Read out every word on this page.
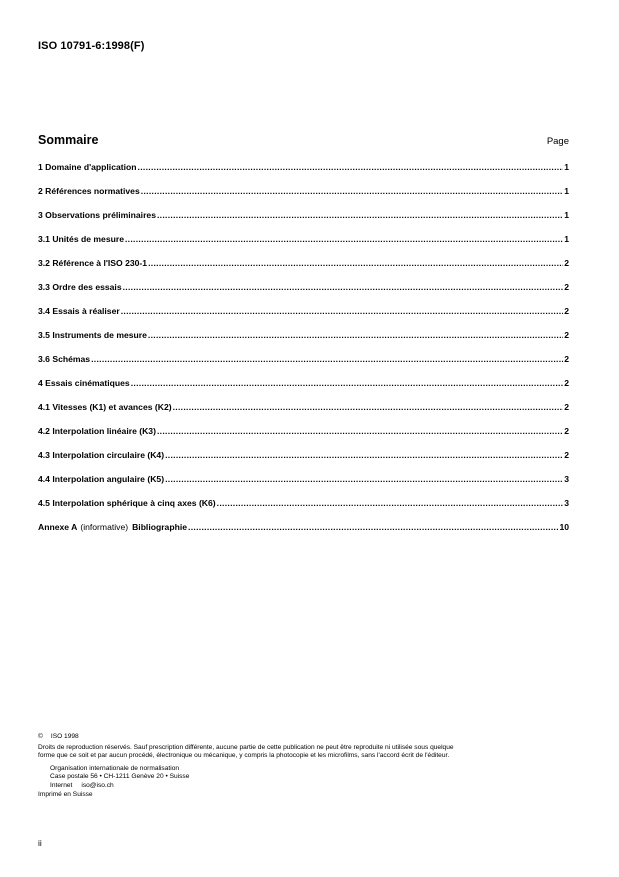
ISO 10791-6:1998(F)
Sommaire	Page
1 Domaine d'application .....	1
2 Références normatives .....	1
3 Observations préliminaires .....	1
3.1 Unités de mesure .....	1
3.2 Référence à l'ISO 230-1 .....	2
3.3 Ordre des essais .....	2
3.4 Essais à réaliser .....	2
3.5 Instruments de mesure .....	2
3.6 Schémas .....	2
4 Essais cinématiques .....	2
4.1 Vitesses (K1) et avances (K2) .....	2
4.2 Interpolation linéaire (K3) .....	2
4.3 Interpolation circulaire (K4) .....	2
4.4 Interpolation angulaire (K5) .....	3
4.5 Interpolation sphérique à cinq axes (K6) .....	3
Annexe A (informative) Bibliographie .....	10
© ISO 1998
Droits de reproduction réservés. Sauf prescription différente, aucune partie de cette publication ne peut être reproduite ni utilisée sous quelque
forme que ce soit et par aucun procédé, électronique ou mécanique, y compris la photocopie et les microfilms, sans l'accord écrit de l'éditeur.
Organisation internationale de normalisation
Case postale 56 • CH-1211 Genève 20 • Suisse
Internet iso@iso.ch
Imprimé en Suisse
ii
